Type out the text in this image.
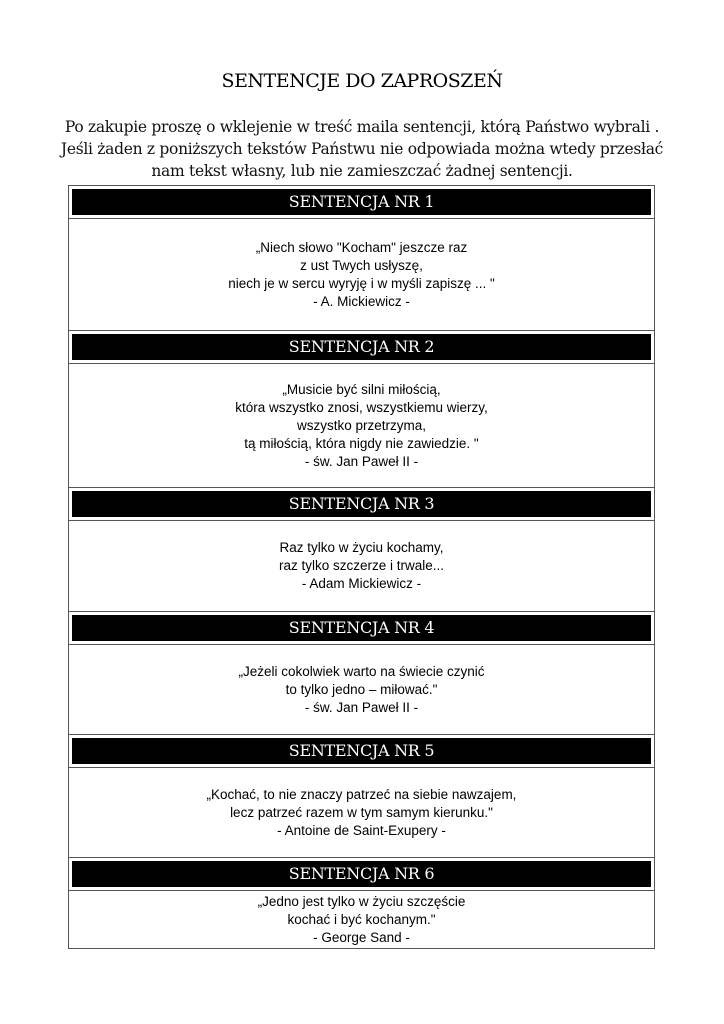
SENTENCJE DO ZAPROSZEŃ
Po zakupie proszę o wklejenie w treść maila sentencji, którą Państwo wybrali .
Jeśli żaden z poniższych tekstów Państwu nie odpowiada można wtedy przesłać
nam tekst własny, lub nie zamieszczać żadnej sentencji.
SENTENCJA NR 1
„Niech słowo "Kocham" jeszcze raz
z ust Twych usłyszę,
niech je w sercu wyryję i w myśli zapiszę ... "
- A. Mickiewicz -
SENTENCJA NR 2
„Musicie być silni miłością,
która wszystko znosi, wszystkiemu wierzy,
wszystko przetrzyma,
tą miłością, która nigdy nie zawiedzie. "
- św. Jan Paweł II -
SENTENCJA NR 3
Raz tylko w życiu kochamy,
raz tylko szczerze i trwale...
- Adam Mickiewicz -
SENTENCJA NR 4
„Jeżeli cokolwiek warto na świecie czynić
to tylko jedno – miłować."
- św. Jan Paweł II -
SENTENCJA NR 5
„Kochać, to nie znaczy patrzeć na siebie nawzajem,
lecz patrzeć razem w tym samym kierunku."
- Antoine de Saint-Exupery -
SENTENCJA NR 6
„Jedno jest tylko w życiu szczęście
kochać i być kochanym."
- George Sand -
